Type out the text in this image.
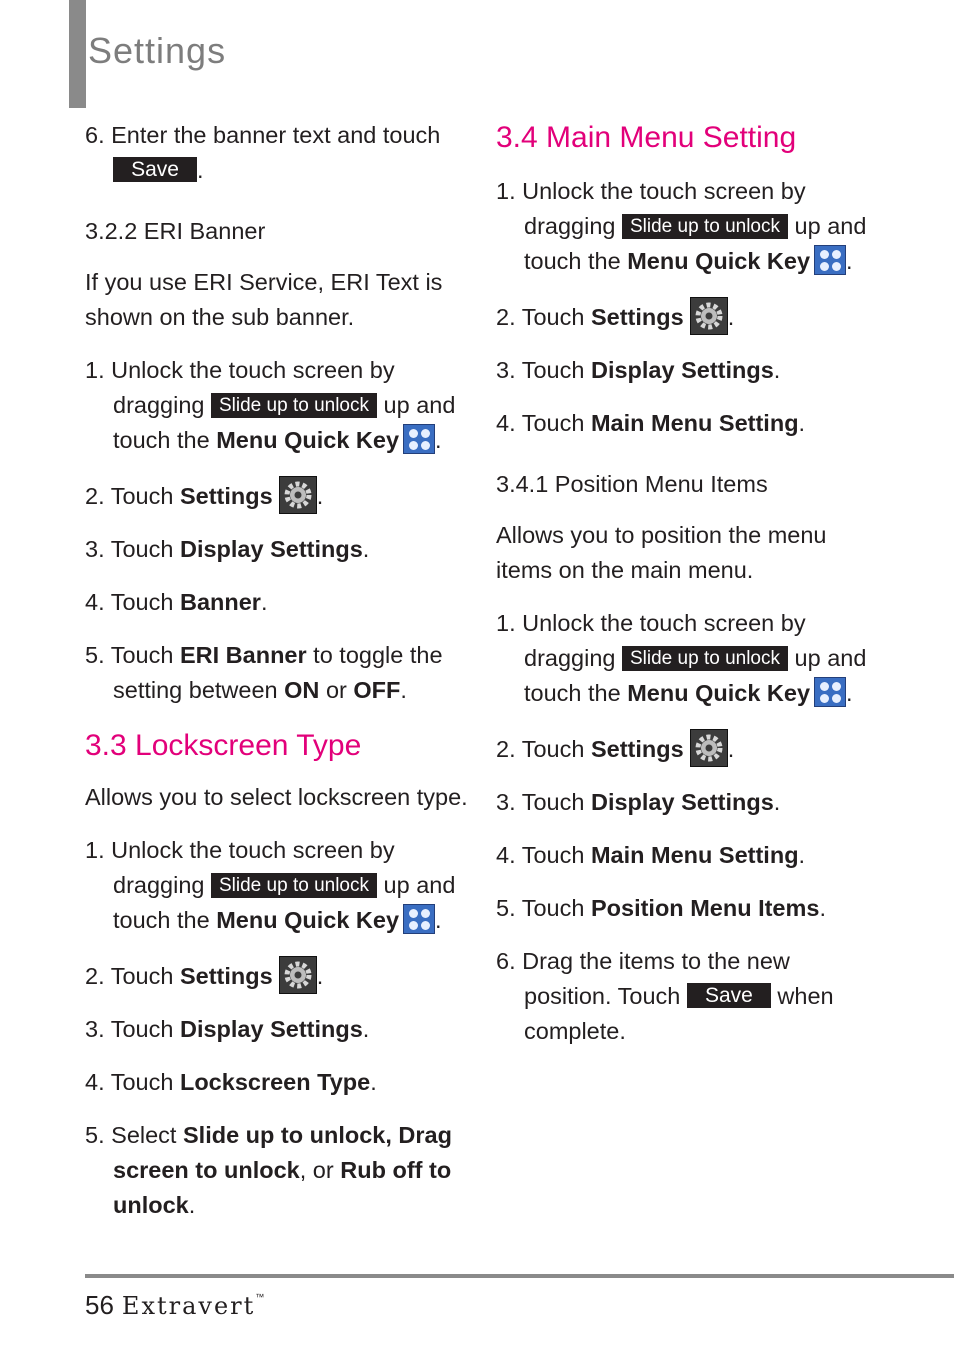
Settings
6. Enter the banner text and touch
Save .
3.2.2 ERI Banner
If you use ERI Service, ERI Text is
shown on the sub banner.
1. Unlock the touch screen by
dragging Slide up to unlock up and
touch the Menu Quick Key .
2. Touch Settings .
3. Touch Display Settings.
4. Touch Banner.
5. Touch ERI Banner to toggle the
setting between ON or OFF.
3.3 Lockscreen Type
Allows you to select lockscreen type.
1. Unlock the touch screen by
dragging Slide up to unlock up and
touch the Menu Quick Key .
2. Touch Settings .
3. Touch Display Settings.
4. Touch Lockscreen Type.
5. Select Slide up to unlock, Drag
screen to unlock, or Rub off to
unlock.
3.4 Main Menu Setting
1. Unlock the touch screen by
dragging Slide up to unlock up and
touch the Menu Quick Key .
2. Touch Settings .
3. Touch Display Settings.
4. Touch Main Menu Setting.
3.4.1 Position Menu Items
Allows you to position the menu
items on the main menu.
1. Unlock the touch screen by
dragging Slide up to unlock up and
touch the Menu Quick Key .
2. Touch Settings .
3. Touch Display Settings.
4. Touch Main Menu Setting.
5. Touch Position Menu Items.
6. Drag the items to the new
position. Touch Save when
complete.
56 Extravert™
